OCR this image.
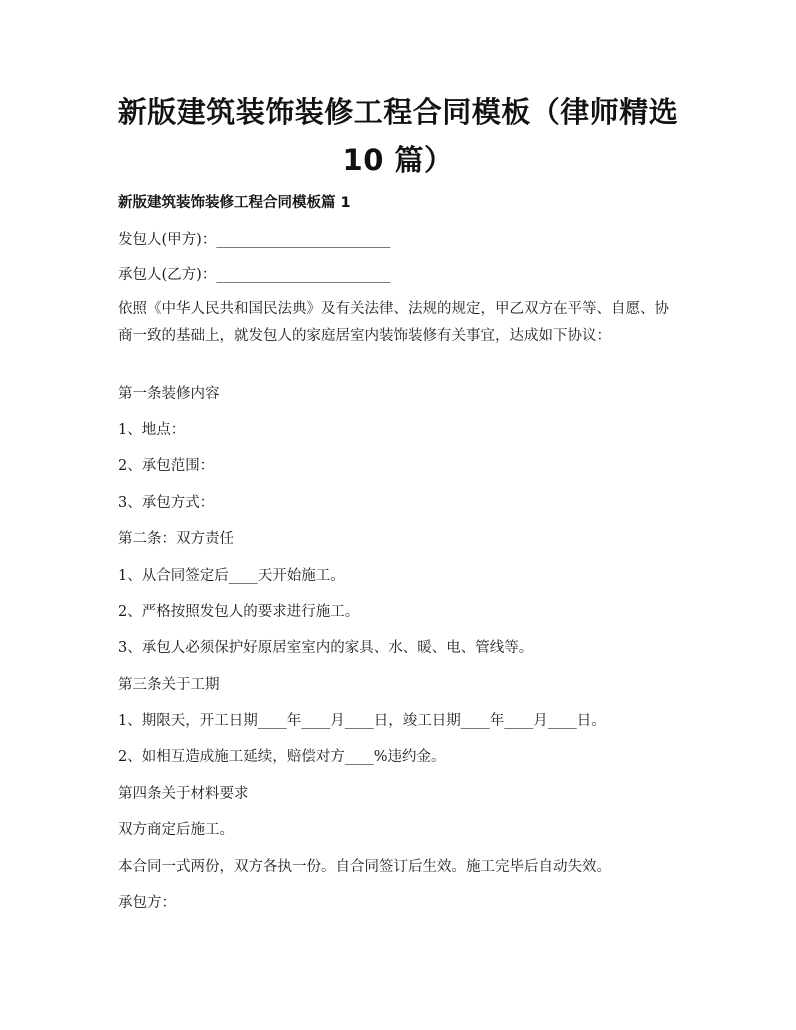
新版建筑装饰装修工程合同模板（律师精选
10 篇）
新版建筑装饰装修工程合同模板篇 1
发包人(甲方)：________________________
承包人(乙方)：________________________
依照《中华人民共和国民法典》及有关法律、法规的规定，甲乙双方在平等、自愿、协商一致的基础上，就发包人的家庭居室内装饰装修有关事宜，达成如下协议：
第一条装修内容
1、地点：
2、承包范围：
3、承包方式：
第二条：双方责任
1、从合同签定后____天开始施工。
2、严格按照发包人的要求进行施工。
3、承包人必须保护好原居室室内的家具、水、暖、电、管线等。
第三条关于工期
1、期限天，开工日期____年____月____日，竣工日期____年____月____日。
2、如相互造成施工延续，赔偿对方____%违约金。
第四条关于材料要求
双方商定后施工。
本合同一式两份，双方各执一份。自合同签订后生效。施工完毕后自动失效。
承包方：
